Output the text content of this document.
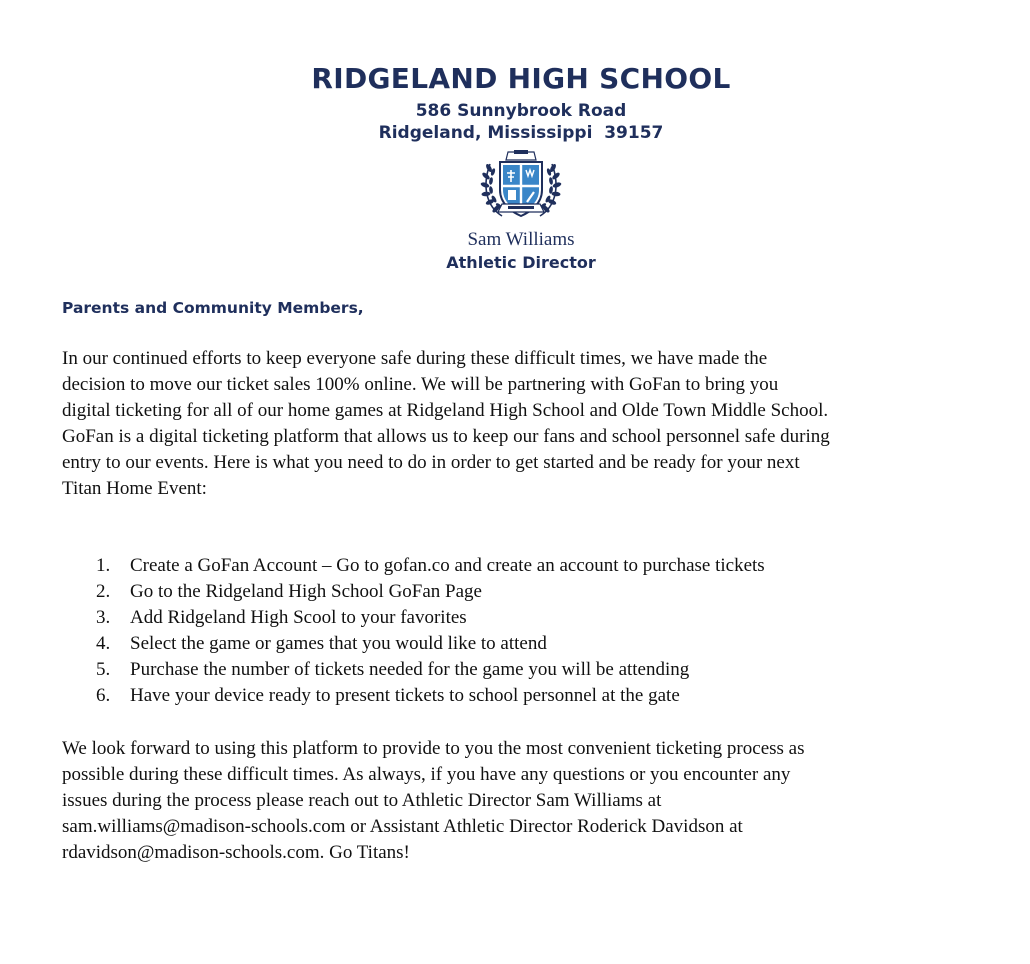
RIDGELAND HIGH SCHOOL
586 Sunnybrook Road
Ridgeland, Mississippi  39157
Sam Williams
Athletic Director
Parents and Community Members,
In our continued efforts to keep everyone safe during these difficult times, we have made the
decision to move our ticket sales 100% online. We will be partnering with GoFan to bring you
digital ticketing for all of our home games at Ridgeland High School and Olde Town Middle School.
GoFan is a digital ticketing platform that allows us to keep our fans and school personnel safe during
entry to our events. Here is what you need to do in order to get started and be ready for your next
Titan Home Event:
1.	Create a GoFan Account – Go to gofan.co and create an account to purchase tickets
2.	Go to the Ridgeland High School GoFan Page
3.	Add Ridgeland High Scool to your favorites
4.	Select the game or games that you would like to attend
5.	Purchase the number of tickets needed for the game you will be attending
6.	Have your device ready to present tickets to school personnel at the gate
We look forward to using this platform to provide to you the most convenient ticketing process as
possible during these difficult times. As always, if you have any questions or you encounter any
issues during the process please reach out to Athletic Director Sam Williams at
sam.williams@madison-schools.com or Assistant Athletic Director Roderick Davidson at
rdavidson@madison-schools.com. Go Titans!
